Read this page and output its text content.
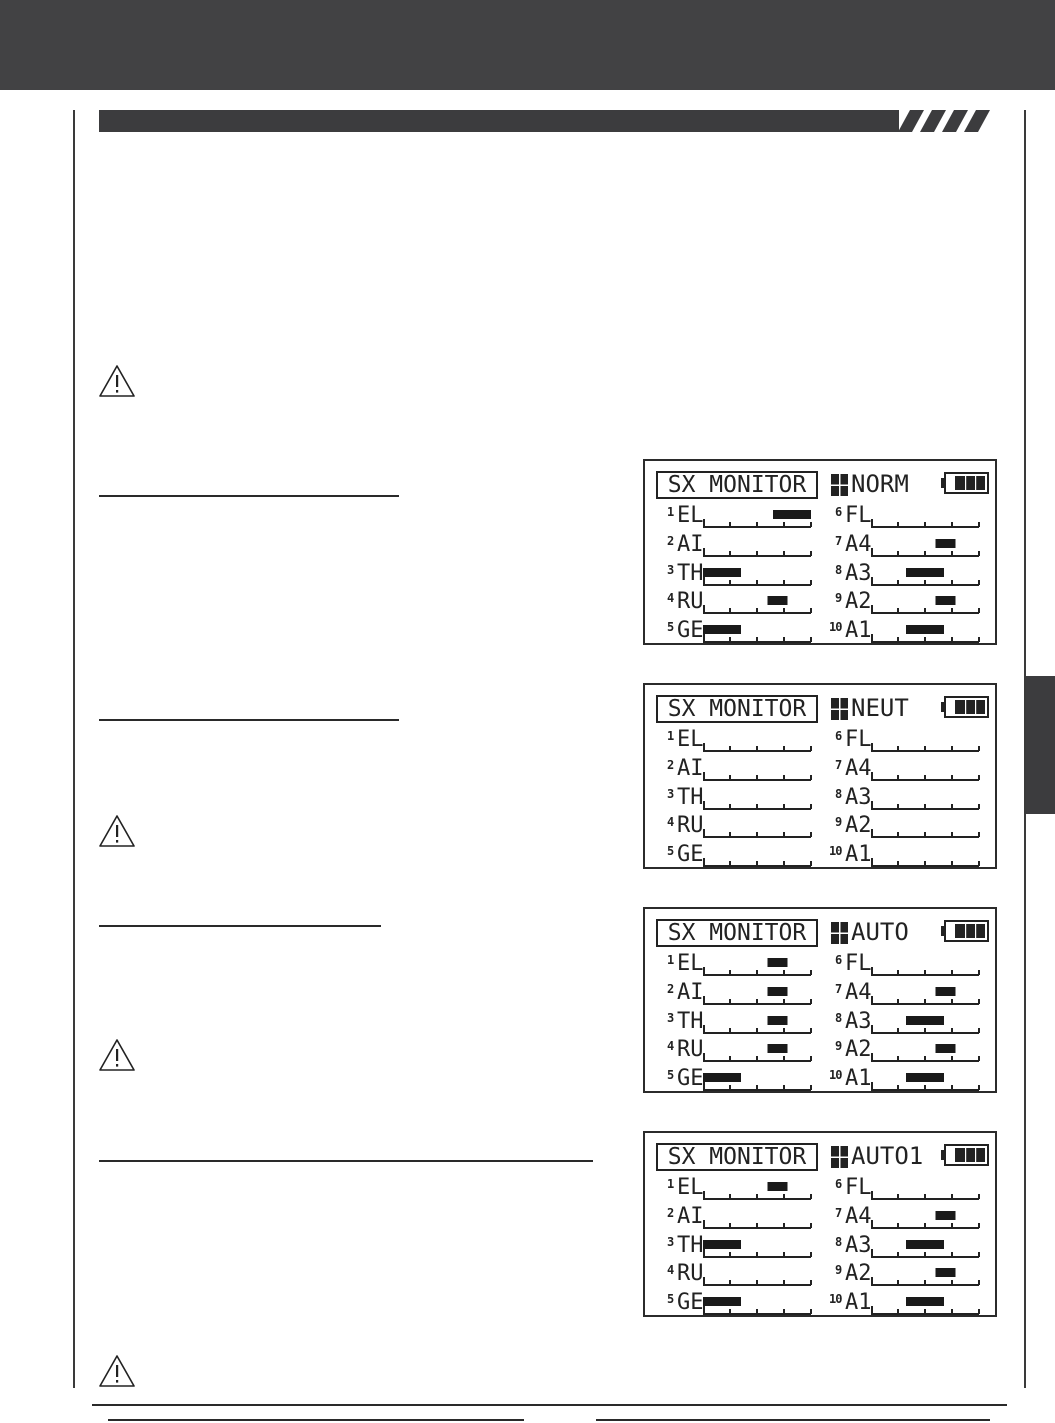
SX MONITOR	NORM
1 EL	6 FL
2 AI	7 A4
3 TH	8 A3
4 RU	9 A2
5 GE	10 A1
SX MONITOR	NEUT
1 EL	6 FL
2 AI	7 A4
3 TH	8 A3
4 RU	9 A2
5 GE	10 A1
SX MONITOR	AUTO
1 EL	6 FL
2 AI	7 A4
3 TH	8 A3
4 RU	9 A2
5 GE	10 A1
SX MONITOR	AUTO1
1 EL	6 FL
2 AI	7 A4
3 TH	8 A3
4 RU	9 A2
5 GE	10 A1
